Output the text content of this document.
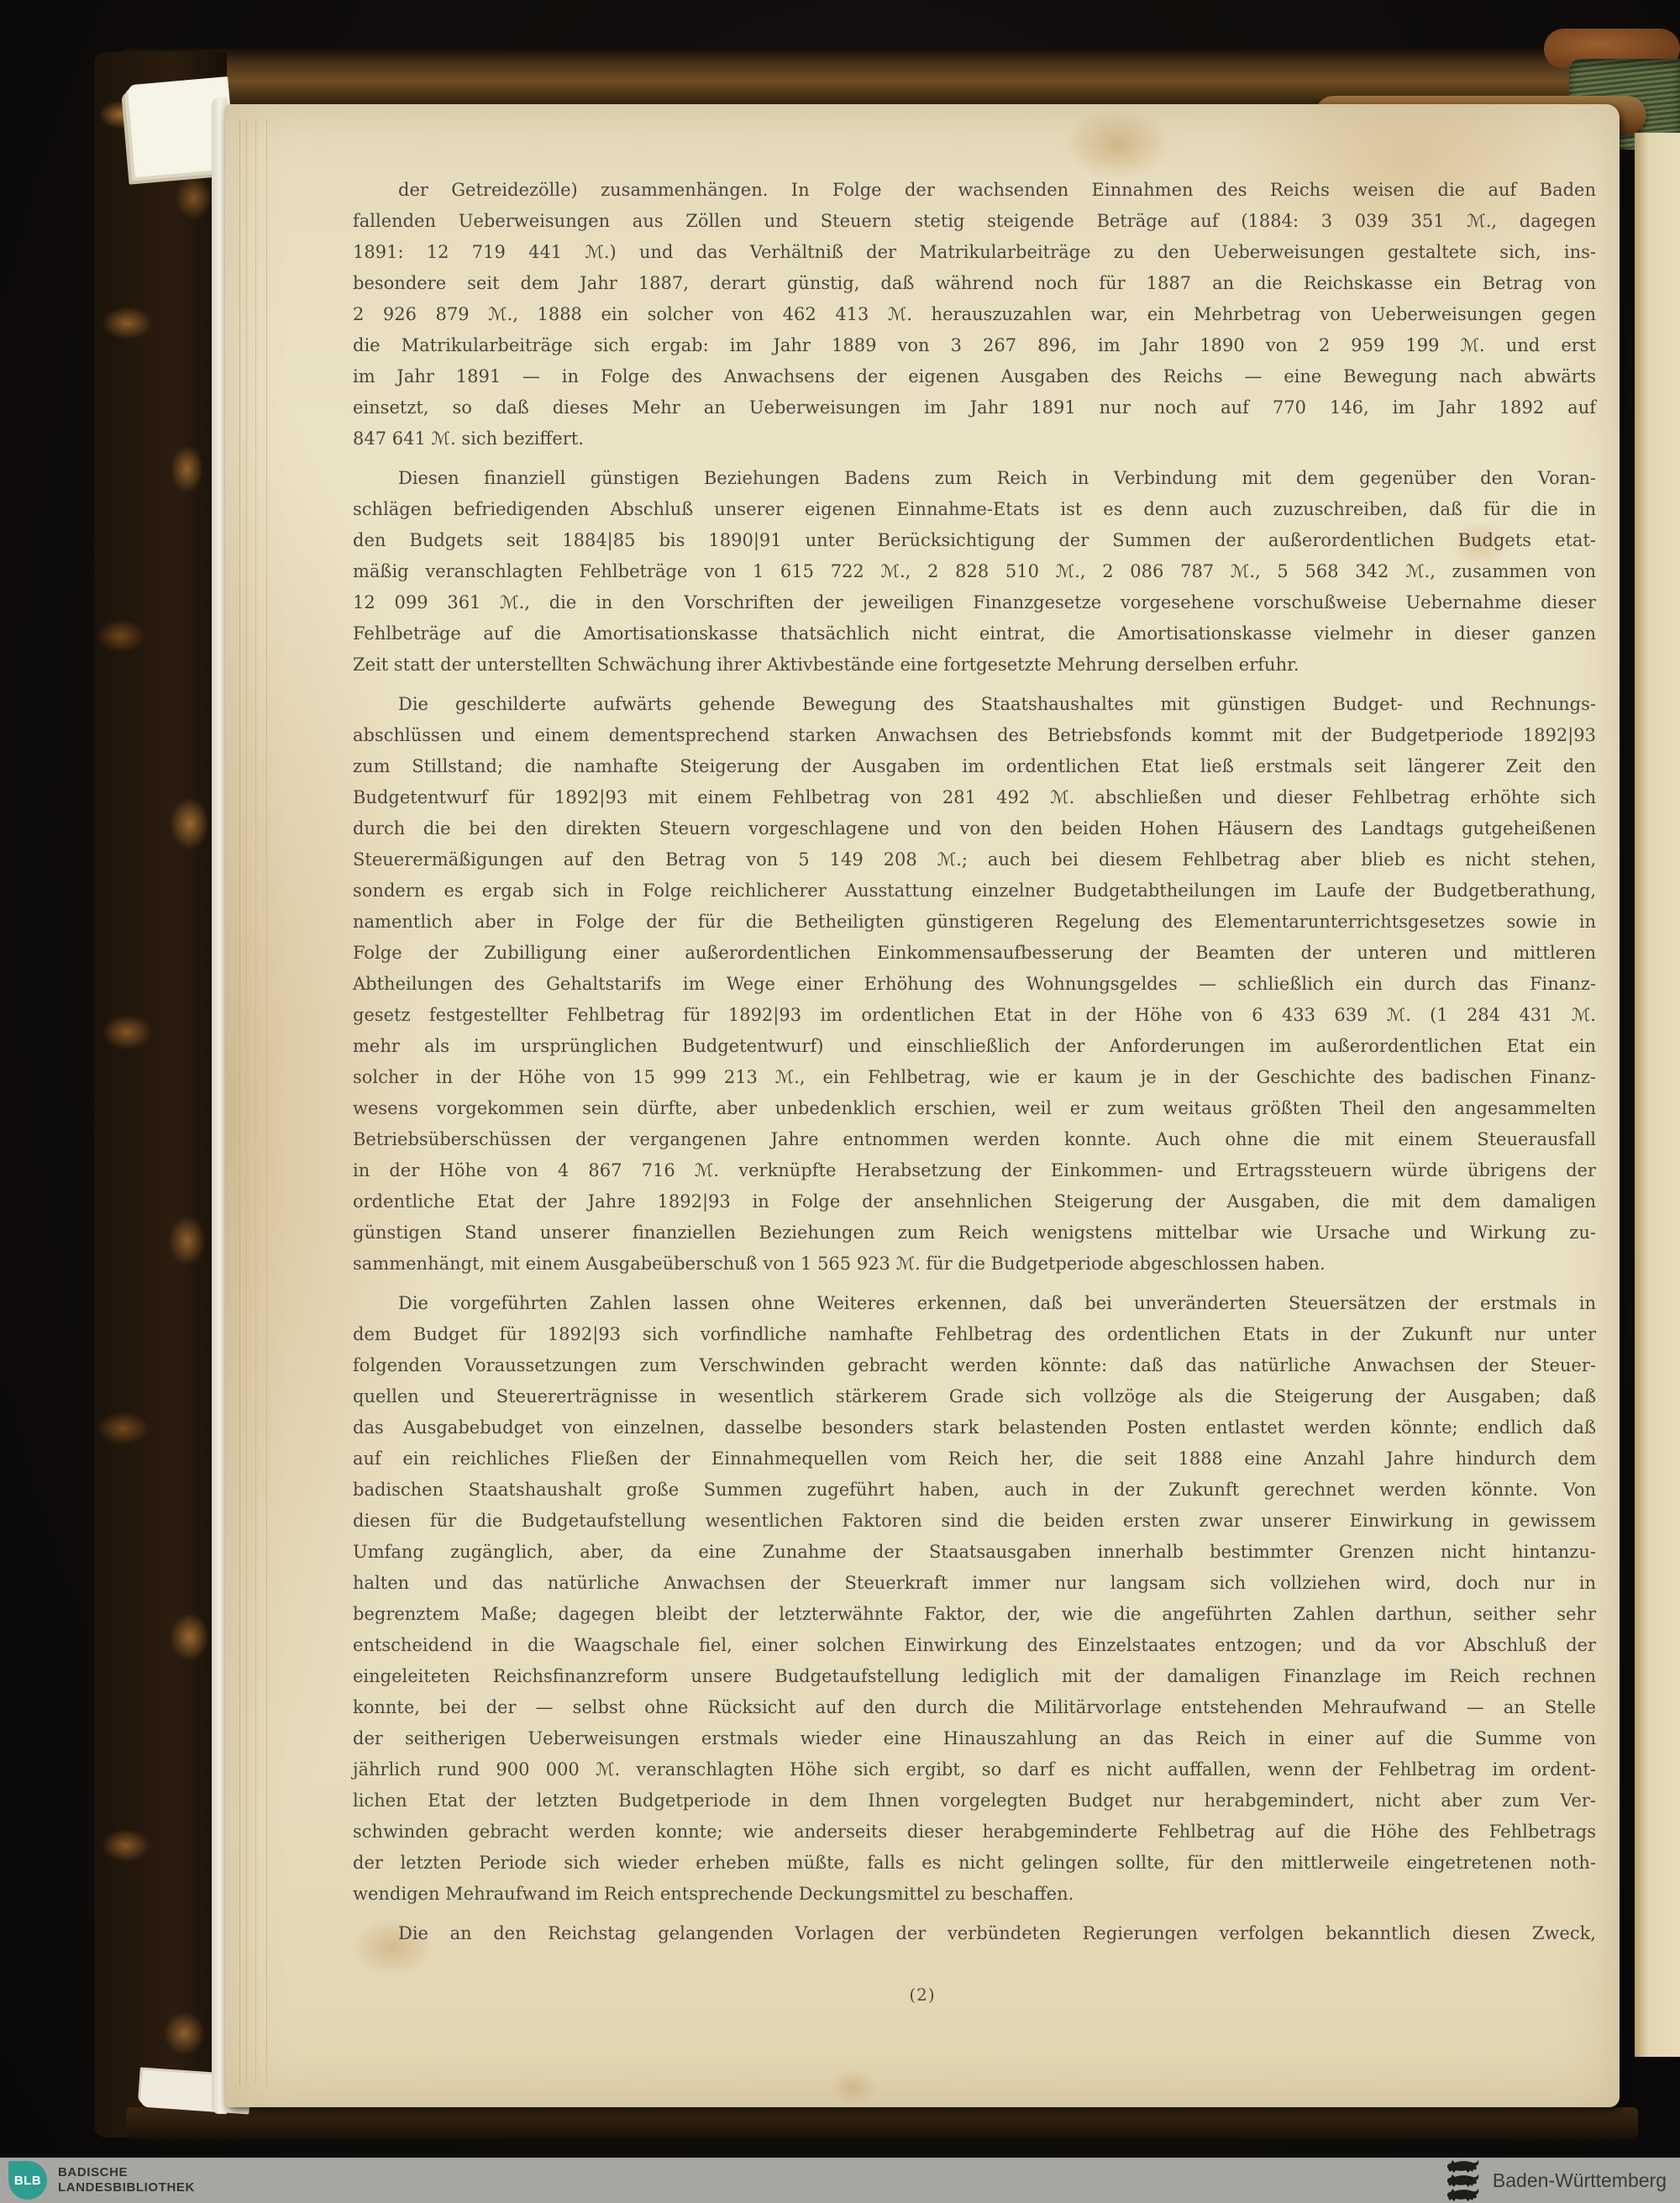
der Getreidezölle) zusammenhängen. In Folge der wachsenden Einnahmen des Reichs weisen die auf Baden

fallenden Ueberweisungen aus Zöllen und Steuern stetig steigende Beträge auf (1884: 3 039 351 ℳ., dagegen

1891: 12 719 441 ℳ.) und das Verhältniß der Matrikularbeiträge zu den Ueberweisungen gestaltete sich, ins-

besondere seit dem Jahr 1887, derart günstig, daß während noch für 1887 an die Reichskasse ein Betrag von

2 926 879 ℳ., 1888 ein solcher von 462 413 ℳ. herauszuzahlen war, ein Mehrbetrag von Ueberweisungen gegen

die Matrikularbeiträge sich ergab: im Jahr 1889 von 3 267 896, im Jahr 1890 von 2 959 199 ℳ. und erst

im Jahr 1891 — in Folge des Anwachsens der eigenen Ausgaben des Reichs — eine Bewegung nach abwärts

einsetzt, so daß dieses Mehr an Ueberweisungen im Jahr 1891 nur noch auf 770 146, im Jahr 1892 auf

847 641 ℳ. sich beziffert.

Diesen finanziell günstigen Beziehungen Badens zum Reich in Verbindung mit dem gegenüber den Voran-

schlägen befriedigenden Abschluß unserer eigenen Einnahme-Etats ist es denn auch zuzuschreiben, daß für die in

den Budgets seit 1884|85 bis 1890|91 unter Berücksichtigung der Summen der außerordentlichen Budgets etat-

mäßig veranschlagten Fehlbeträge von 1 615 722 ℳ., 2 828 510 ℳ., 2 086 787 ℳ., 5 568 342 ℳ., zusammen von

12 099 361 ℳ., die in den Vorschriften der jeweiligen Finanzgesetze vorgesehene vorschußweise Uebernahme dieser

Fehlbeträge auf die Amortisationskasse thatsächlich nicht eintrat, die Amortisationskasse vielmehr in dieser ganzen

Zeit statt der unterstellten Schwächung ihrer Aktivbestände eine fortgesetzte Mehrung derselben erfuhr.

Die geschilderte aufwärts gehende Bewegung des Staatshaushaltes mit günstigen Budget- und Rechnungs-

abschlüssen und einem dementsprechend starken Anwachsen des Betriebsfonds kommt mit der Budgetperiode 1892|93

zum Stillstand; die namhafte Steigerung der Ausgaben im ordentlichen Etat ließ erstmals seit längerer Zeit den

Budgetentwurf für 1892|93 mit einem Fehlbetrag von 281 492 ℳ. abschließen und dieser Fehlbetrag erhöhte sich

durch die bei den direkten Steuern vorgeschlagene und von den beiden Hohen Häusern des Landtags gutgeheißenen

Steuerermäßigungen auf den Betrag von 5 149 208 ℳ.; auch bei diesem Fehlbetrag aber blieb es nicht stehen,

sondern es ergab sich in Folge reichlicherer Ausstattung einzelner Budgetabtheilungen im Laufe der Budgetberathung,

namentlich aber in Folge der für die Betheiligten günstigeren Regelung des Elementarunterrichtsgesetzes sowie in

Folge der Zubilligung einer außerordentlichen Einkommensaufbesserung der Beamten der unteren und mittleren

Abtheilungen des Gehaltstarifs im Wege einer Erhöhung des Wohnungsgeldes — schließlich ein durch das Finanz-

gesetz festgestellter Fehlbetrag für 1892|93 im ordentlichen Etat in der Höhe von 6 433 639 ℳ. (1 284 431 ℳ.

mehr als im ursprünglichen Budgetentwurf) und einschließlich der Anforderungen im außerordentlichen Etat ein

solcher in der Höhe von 15 999 213 ℳ., ein Fehlbetrag, wie er kaum je in der Geschichte des badischen Finanz-

wesens vorgekommen sein dürfte, aber unbedenklich erschien, weil er zum weitaus größten Theil den angesammelten

Betriebsüberschüssen der vergangenen Jahre entnommen werden konnte. Auch ohne die mit einem Steuerausfall

in der Höhe von 4 867 716 ℳ. verknüpfte Herabsetzung der Einkommen- und Ertragssteuern würde übrigens der

ordentliche Etat der Jahre 1892|93 in Folge der ansehnlichen Steigerung der Ausgaben, die mit dem damaligen

günstigen Stand unserer finanziellen Beziehungen zum Reich wenigstens mittelbar wie Ursache und Wirkung zu-

sammenhängt, mit einem Ausgabeüberschuß von 1 565 923 ℳ. für die Budgetperiode abgeschlossen haben.

Die vorgeführten Zahlen lassen ohne Weiteres erkennen, daß bei unveränderten Steuersätzen der erstmals in

dem Budget für 1892|93 sich vorfindliche namhafte Fehlbetrag des ordentlichen Etats in der Zukunft nur unter

folgenden Voraussetzungen zum Verschwinden gebracht werden könnte: daß das natürliche Anwachsen der Steuer-

quellen und Steuererträgnisse in wesentlich stärkerem Grade sich vollzöge als die Steigerung der Ausgaben; daß

das Ausgabebudget von einzelnen, dasselbe besonders stark belastenden Posten entlastet werden könnte; endlich daß

auf ein reichliches Fließen der Einnahmequellen vom Reich her, die seit 1888 eine Anzahl Jahre hindurch dem

badischen Staatshaushalt große Summen zugeführt haben, auch in der Zukunft gerechnet werden könnte. Von

diesen für die Budgetaufstellung wesentlichen Faktoren sind die beiden ersten zwar unserer Einwirkung in gewissem

Umfang zugänglich, aber, da eine Zunahme der Staatsausgaben innerhalb bestimmter Grenzen nicht hintanzu-

halten und das natürliche Anwachsen der Steuerkraft immer nur langsam sich vollziehen wird, doch nur in

begrenztem Maße; dagegen bleibt der letzterwähnte Faktor, der, wie die angeführten Zahlen darthun, seither sehr

entscheidend in die Waagschale fiel, einer solchen Einwirkung des Einzelstaates entzogen; und da vor Abschluß der

eingeleiteten Reichsfinanzreform unsere Budgetaufstellung lediglich mit der damaligen Finanzlage im Reich rechnen

konnte, bei der — selbst ohne Rücksicht auf den durch die Militärvorlage entstehenden Mehraufwand — an Stelle

der seitherigen Ueberweisungen erstmals wieder eine Hinauszahlung an das Reich in einer auf die Summe von

jährlich rund 900 000 ℳ. veranschlagten Höhe sich ergibt, so darf es nicht auffallen, wenn der Fehlbetrag im ordent-

lichen Etat der letzten Budgetperiode in dem Ihnen vorgelegten Budget nur herabgemindert, nicht aber zum Ver-

schwinden gebracht werden konnte; wie anderseits dieser herabgeminderte Fehlbetrag auf die Höhe des Fehlbetrags

der letzten Periode sich wieder erheben müßte, falls es nicht gelingen sollte, für den mittlerweile eingetretenen noth-

wendigen Mehraufwand im Reich entsprechende Deckungsmittel zu beschaffen.

Die an den Reichstag gelangenden Vorlagen der verbündeten Regierungen verfolgen bekanntlich diesen Zweck,

(2)
BLB
BADISCHE
LANDESBIBLIOTHEK	Baden-Württemberg
